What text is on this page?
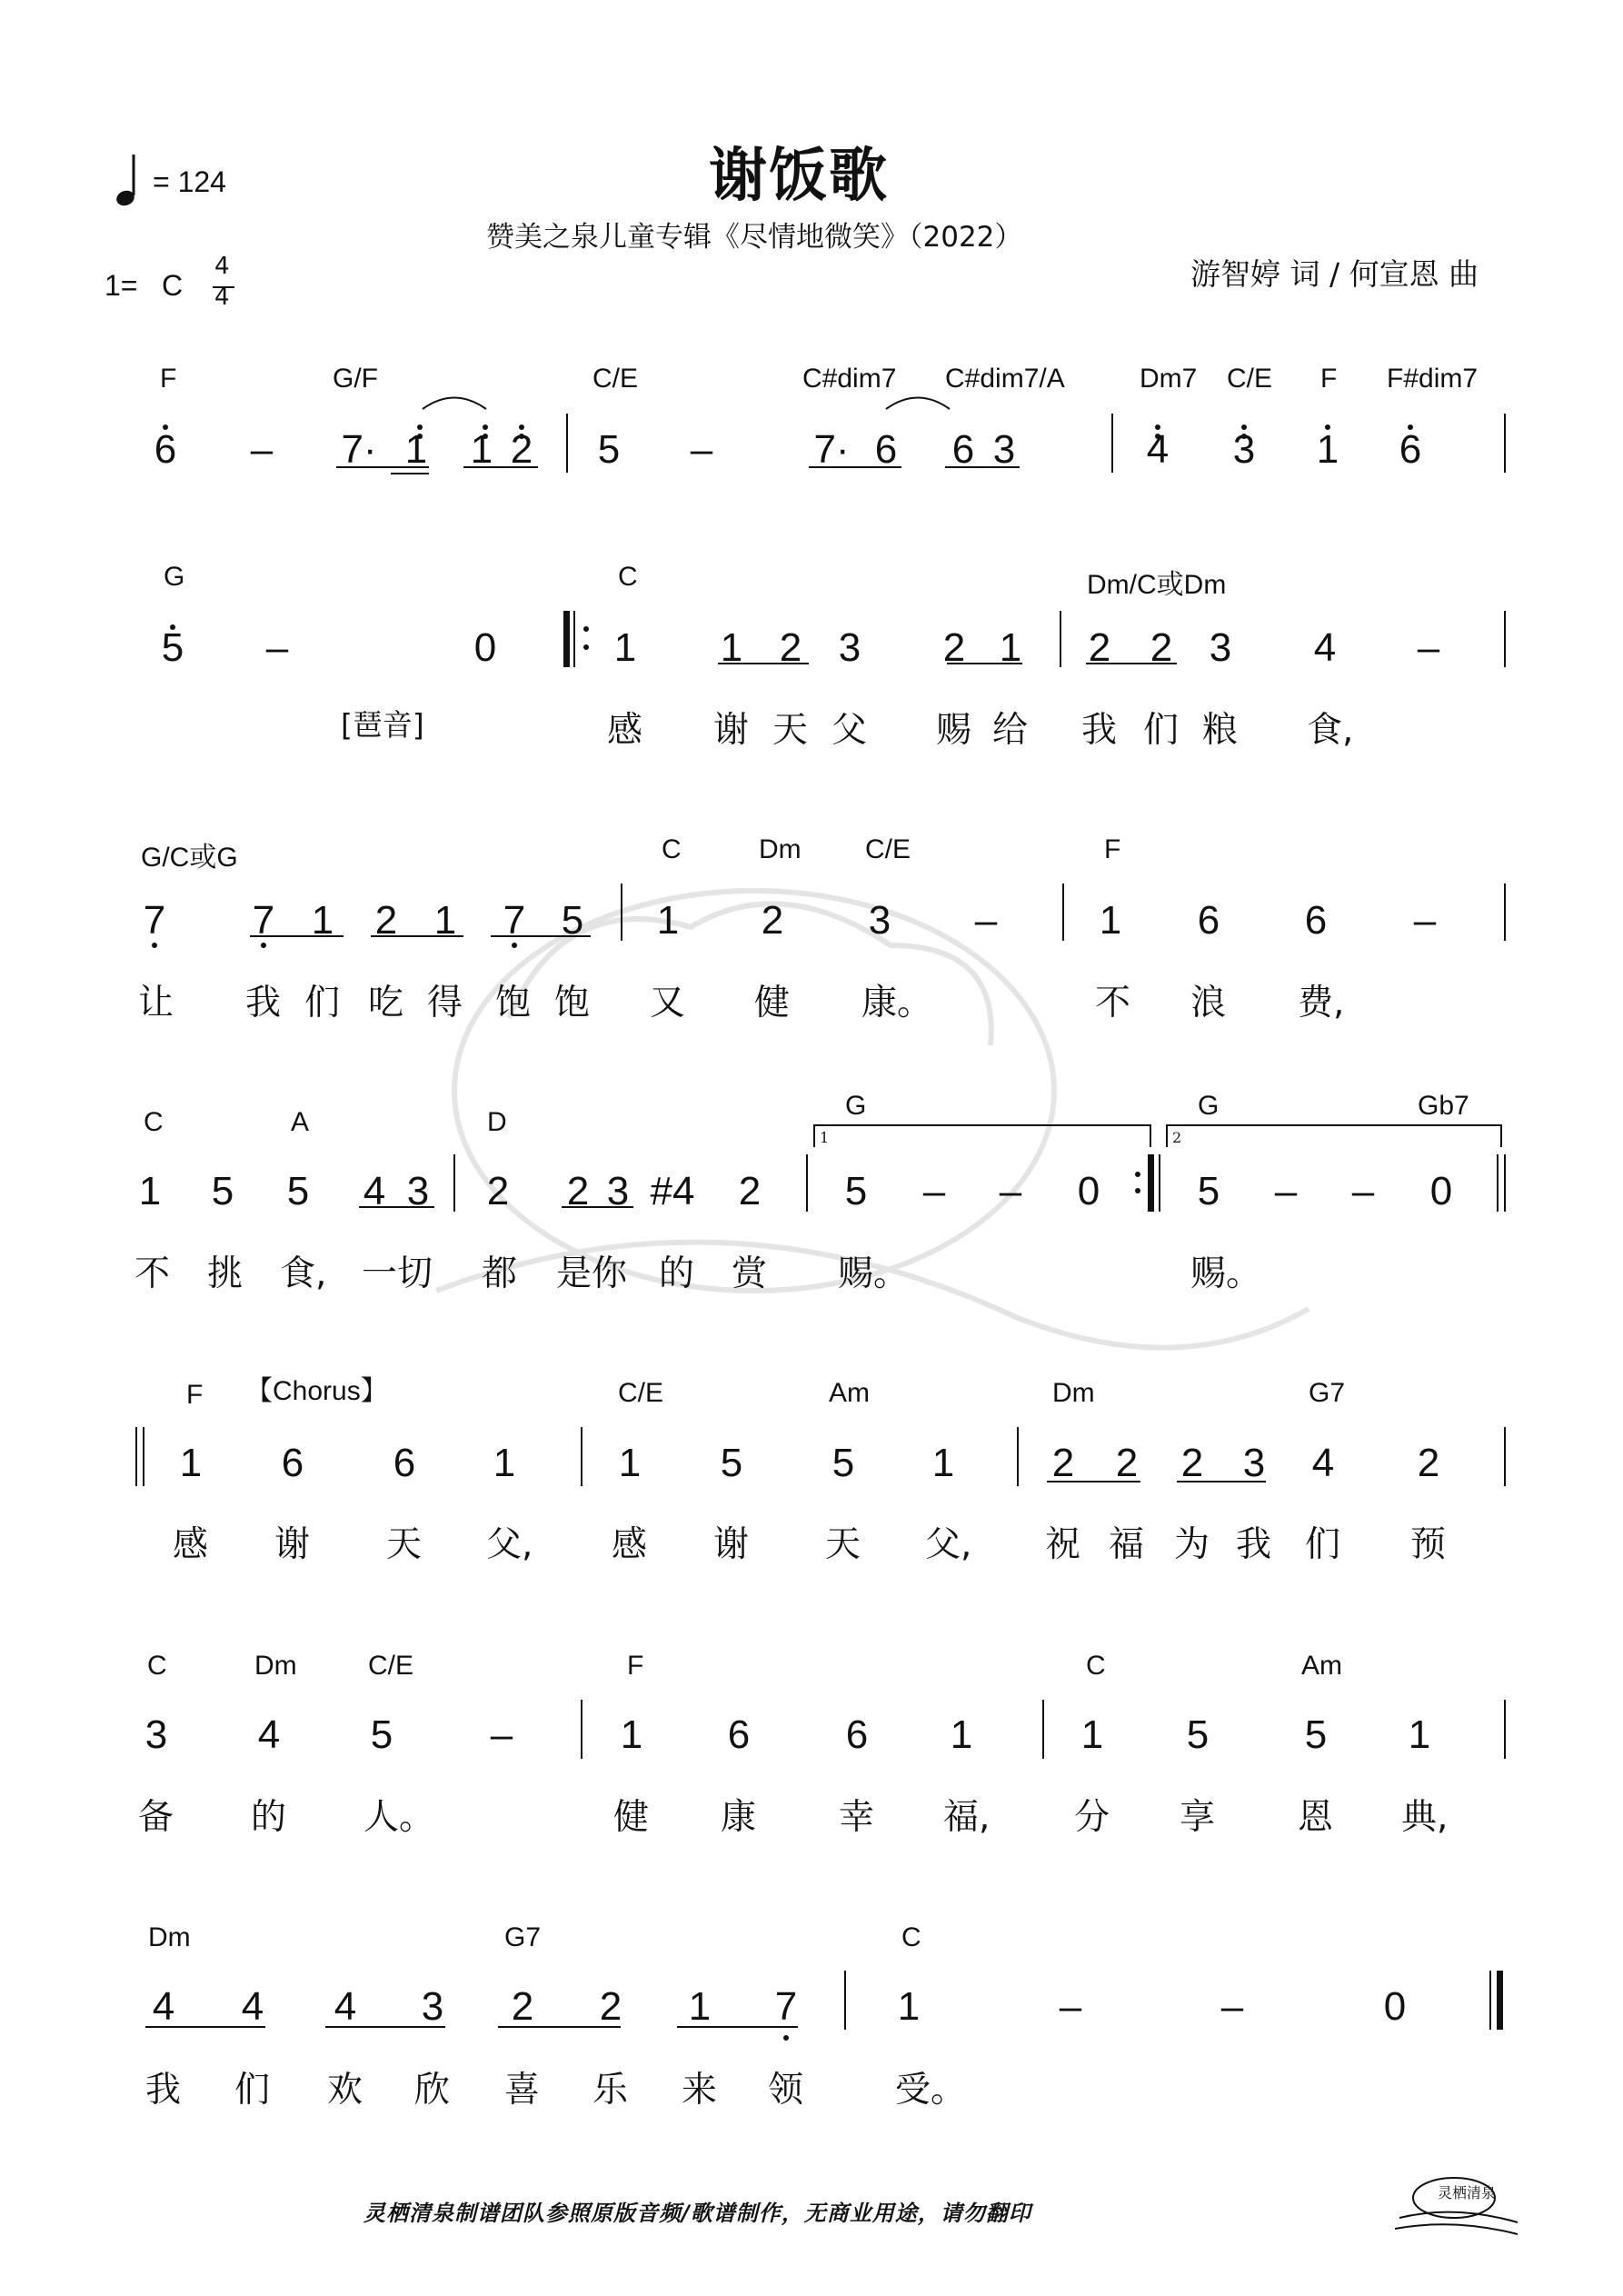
谢饭歌
赞美之泉儿童专辑《尽情地微笑》（2022）
游智婷 词 / 何宣恩 曲
= 124
1= C
4
4
F	G/F	C/E	C#dim7 C#dim7/A	Dm7 C/E F F#dim7
6 – 7· 1 1 2 5 –	7· 6 6 3	4 3 1 6
G	C	Dm/C或Dm
5 –	0	1 1 2 3 2 1 2 2 3 4 –
[琶音]	感 谢 天 父 赐 给 我 们 粮 食,
G/C或G	C	Dm C/E	F
7 7 1 2 1 7 5 1 2 3 –	1 6 6 –
让 我 们 吃 得 饱 饱 又 健 康。	不 浪 费,
C	A	D
G	G	Gb7
1	2
1 5 5 4 3 2 2 3 #4 2 5 – – 0 5 – – 0
不 挑 食, 一切 都 是你 的 赏 赐。	赐。
F 【Chorus】	C/E	Am	Dm	G7
1 6 6 1	1 5 5 1 2 2 2 3 4 2
感 谢 天 父, 感 谢 天 父, 祝 福 为 我 们 预
C	Dm	C/E	F	C	Am
3 4 5 –	1 6 6 1	1 5 5 1
备 的 人。	健 康 幸 福, 分 享 恩 典,
Dm	G7	C
4 4 4 3 2 2 1 7	1	–	–	0
我 们 欢 欣 喜 乐 来 领	受。
灵栖清泉制谱团队参照原版音频/歌谱制作，无商业用途，请勿翻印
灵栖清泉
